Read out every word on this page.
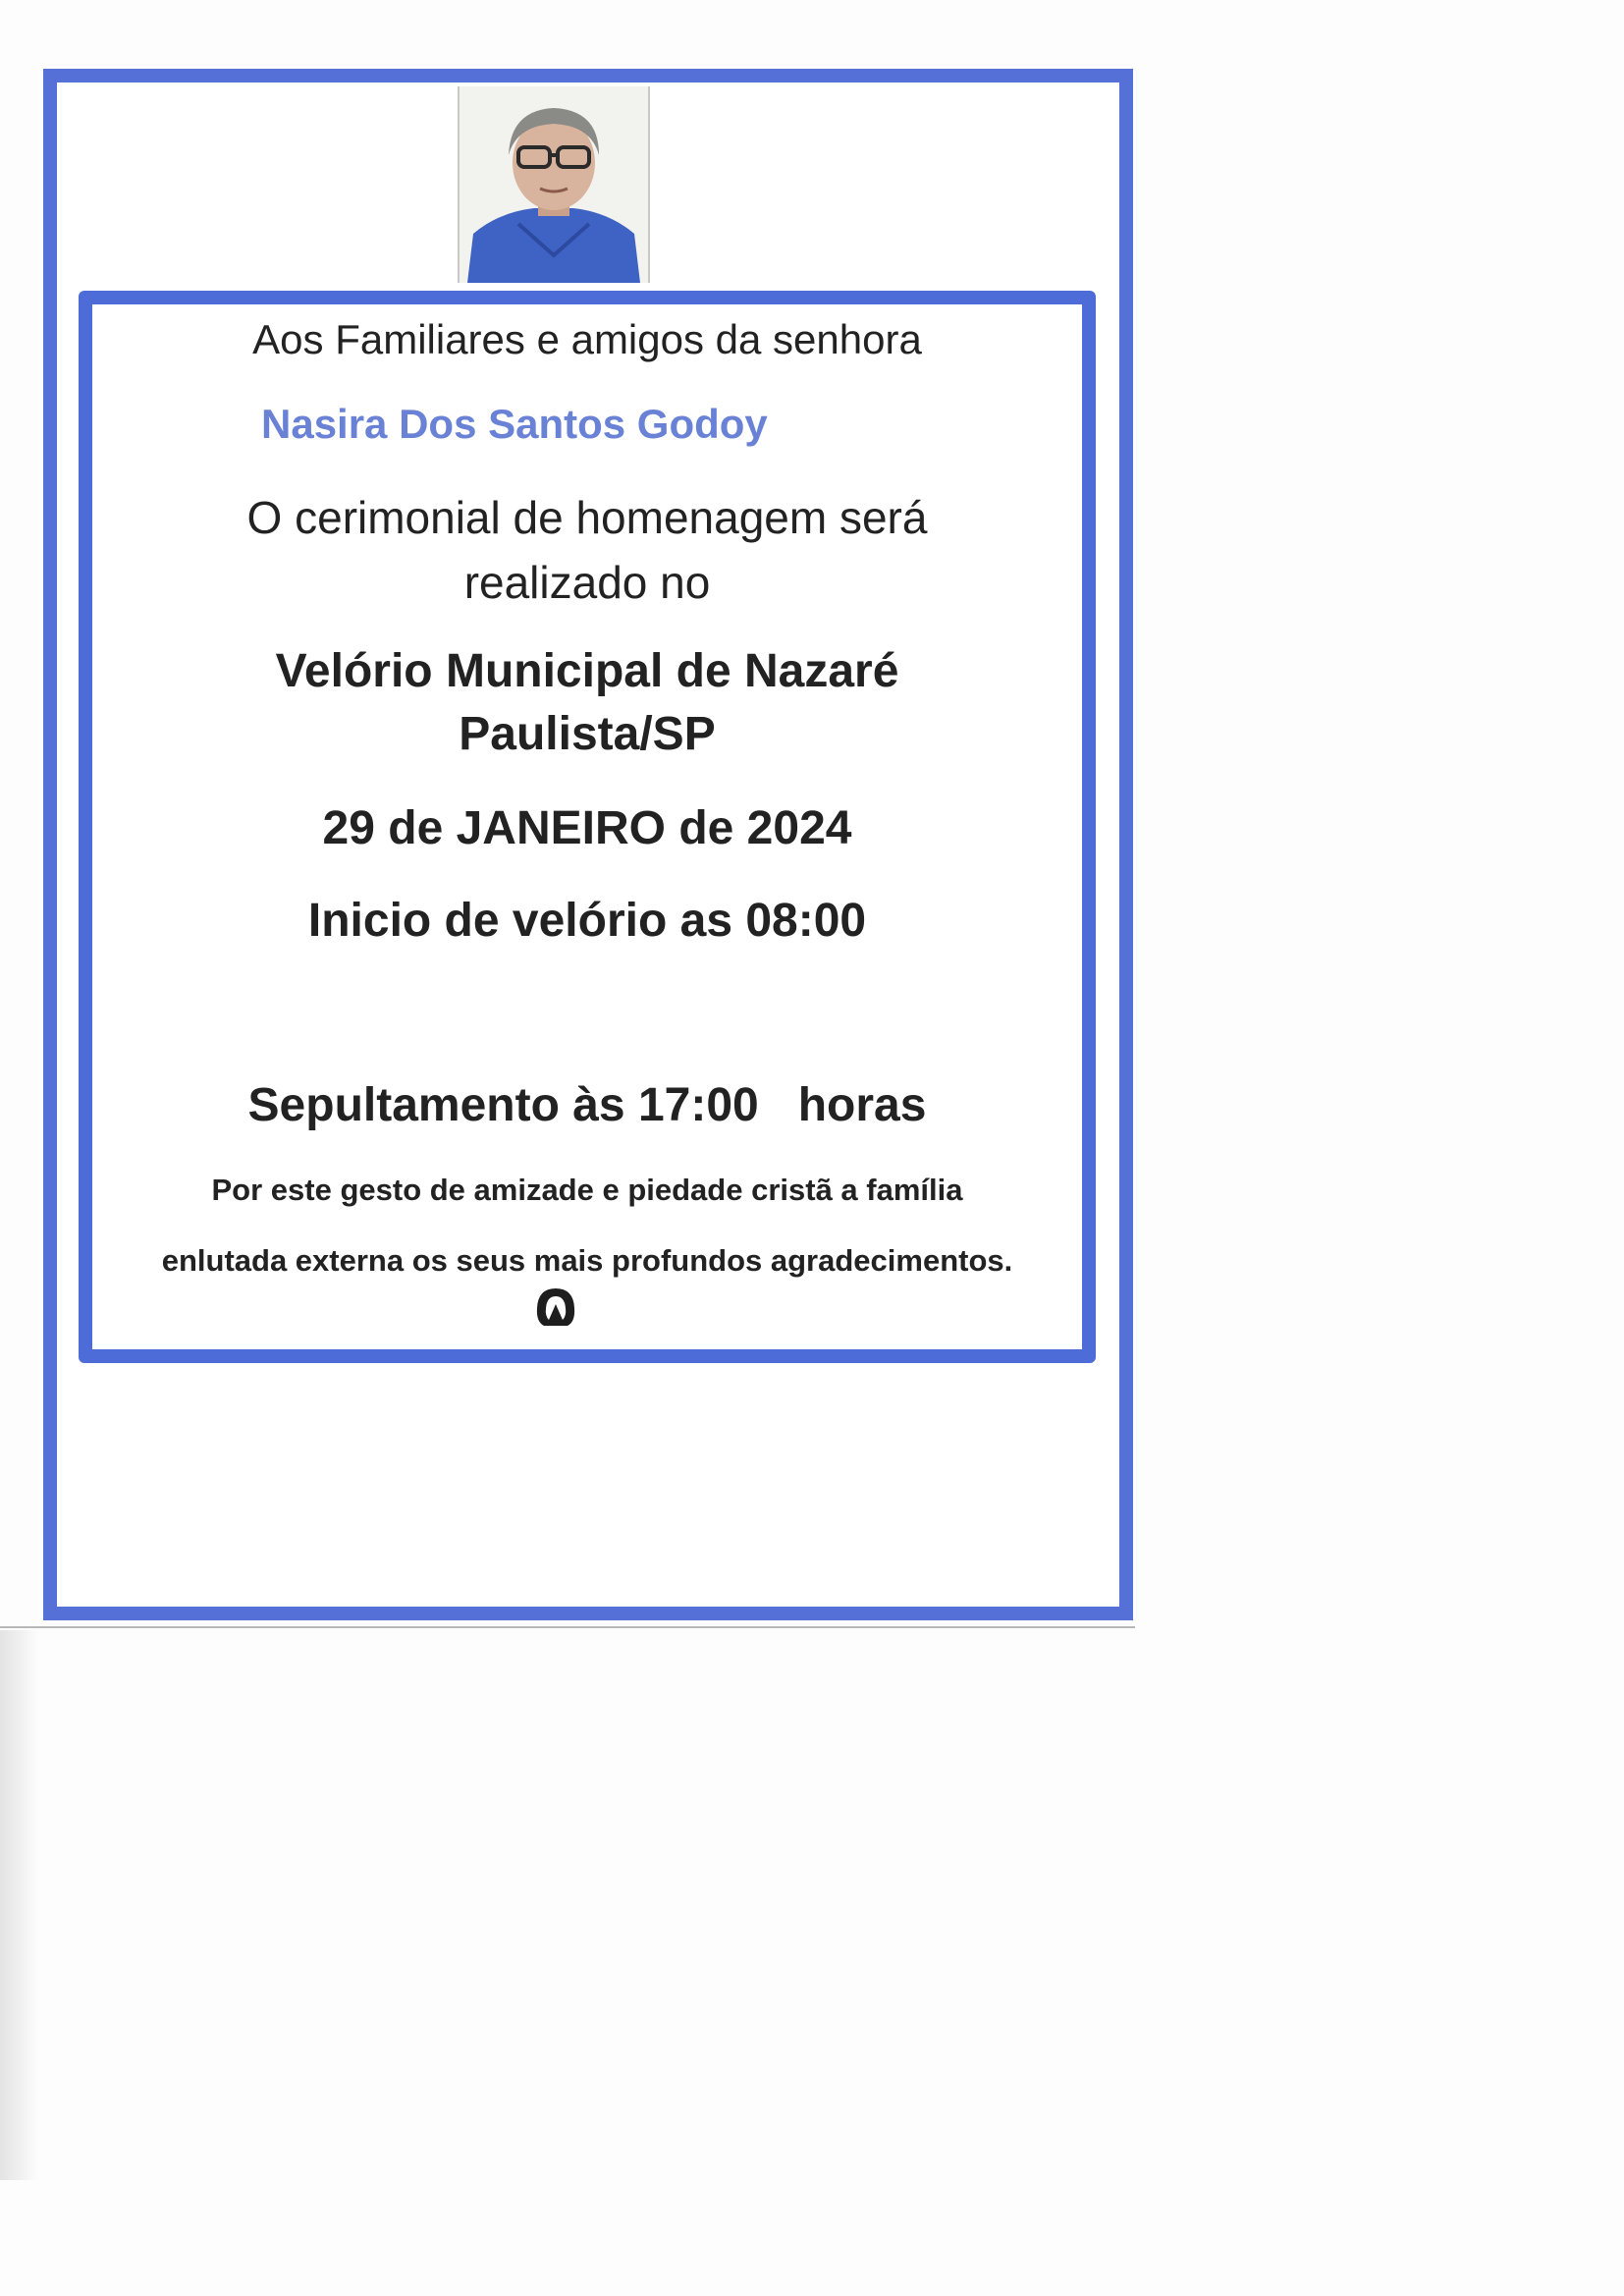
Aos Familiares e amigos da senhora

Nasira Dos Santos Godoy

O cerimonial de homenagem será
realizado no
Velório Municipal de Nazaré
Paulista/SP

29 de JANEIRO de 2024

Inicio de velório as 08:00

Sepultamento às 17:00   horas

Por este gesto de amizade e piedade cristã a família

enlutada externa os seus mais profundos agradecimentos.
